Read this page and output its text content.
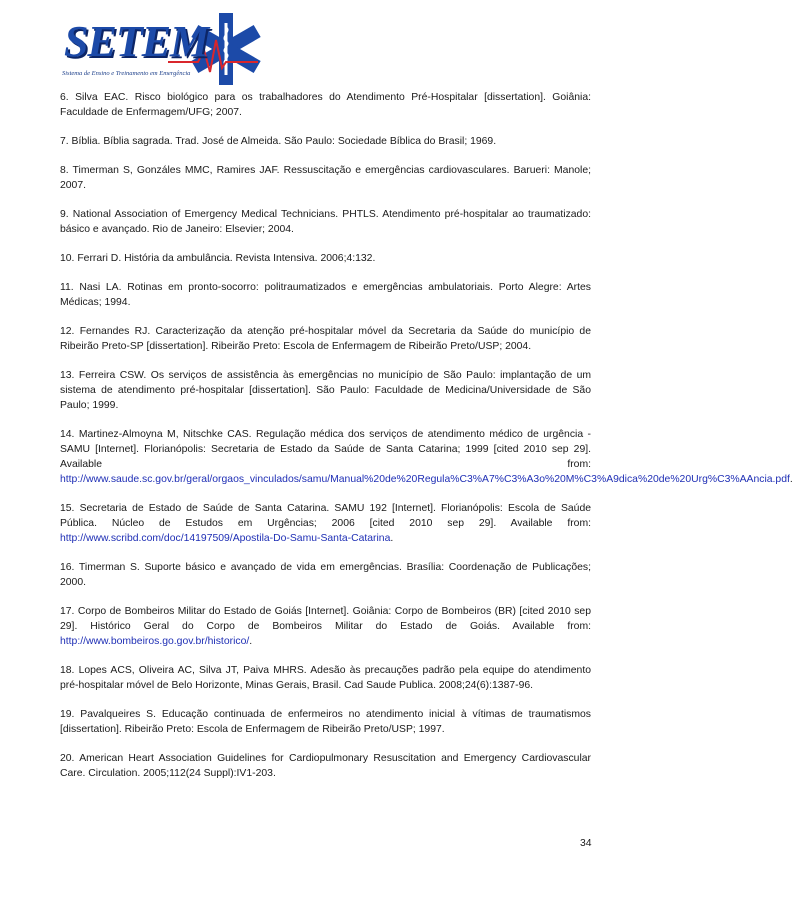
SETEM
Sistema de Ensino e Treinamento em Emergência

6. Silva EAC. Risco biológico para os trabalhadores do Atendimento Pré-Hospitalar [dissertation]. Goiânia: Faculdade de Enfermagem/UFG; 2007.

7. Bíblia. Bíblia sagrada. Trad. José de Almeida. São Paulo: Sociedade Bíblica do Brasil; 1969.

8. Timerman S, Gonzáles MMC, Ramires JAF. Ressuscitação e emergências cardiovasculares. Barueri: Manole; 2007.

9. National Association of Emergency Medical Technicians. PHTLS. Atendimento pré-hospitalar ao traumatizado: básico e avançado. Rio de Janeiro: Elsevier; 2004.

10. Ferrari D. História da ambulância. Revista Intensiva. 2006;4:132.

11. Nasi LA. Rotinas em pronto-socorro: politraumatizados e emergências ambulatoriais. Porto Alegre: Artes Médicas; 1994.

12. Fernandes RJ. Caracterização da atenção pré-hospitalar móvel da Secretaria da Saúde do município de Ribeirão Preto-SP [dissertation]. Ribeirão Preto: Escola de Enfermagem de Ribeirão Preto/USP; 2004.

13. Ferreira CSW. Os serviços de assistência às emergências no município de São Paulo: implantação de um sistema de atendimento pré-hospitalar [dissertation]. São Paulo: Faculdade de Medicina/Universidade de São Paulo; 1999.

14. Martinez-Almoyna M, Nitschke CAS. Regulação médica dos serviços de atendimento médico de urgência - SAMU [Internet]. Florianópolis: Secretaria de Estado da Saúde de Santa Catarina; 1999 [cited 2010 sep 29]. Available from: http://www.saude.sc.gov.br/geral/orgaos_vinculados/samu/Manual%20de%20Regula%C3%A7%C3%A3o%20M%C3%A9dica%20de%20Urg%C3%AAncia.pdf.

15. Secretaria de Estado de Saúde de Santa Catarina. SAMU 192 [Internet]. Florianópolis: Escola de Saúde Pública. Núcleo de Estudos em Urgências; 2006 [cited 2010 sep 29]. Available from: http://www.scribd.com/doc/14197509/Apostila-Do-Samu-Santa-Catarina.

16. Timerman S. Suporte básico e avançado de vida em emergências. Brasília: Coordenação de Publicações; 2000.

17. Corpo de Bombeiros Militar do Estado de Goiás [Internet]. Goiânia: Corpo de Bombeiros (BR) [cited 2010 sep 29]. Histórico Geral do Corpo de Bombeiros Militar do Estado de Goiás. Available from: http://www.bombeiros.go.gov.br/historico/.

18. Lopes ACS, Oliveira AC, Silva JT, Paiva MHRS. Adesão às precauções padrão pela equipe do atendimento pré-hospitalar móvel de Belo Horizonte, Minas Gerais, Brasil. Cad Saude Publica. 2008;24(6):1387-96.

19. Pavalqueires S. Educação continuada de enfermeiros no atendimento inicial à vítimas de traumatismos [dissertation]. Ribeirão Preto: Escola de Enfermagem de Ribeirão Preto/USP; 1997.

20. American Heart Association Guidelines for Cardiopulmonary Resuscitation and Emergency Cardiovascular Care. Circulation. 2005;112(24 Suppl):IV1-203.

34
